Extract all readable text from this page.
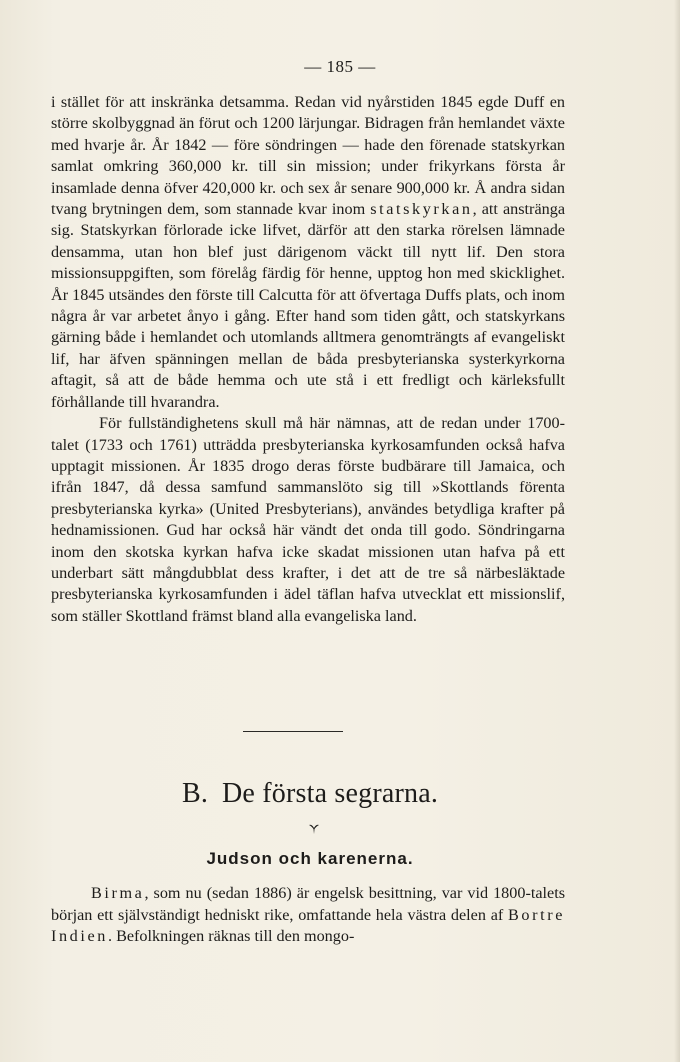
— 185 —

i stället för att inskränka detsamma. Redan vid nyårstiden 1845 egde Duff en större skolbyggnad än förut och 1200 lärjungar. Bidragen från hemlandet växte med hvarje år. År 1842 — före söndringen — hade den förenade statskyrkan samlat omkring 360,000 kr. till sin mission; under frikyrkans första år insamlade denna öfver 420,000 kr. och sex år senare 900,000 kr. Å andra sidan tvang brytningen dem, som stannade kvar inom statskyrkan, att anstränga sig. Statskyrkan förlorade icke lifvet, därför att den starka rörelsen lämnade densamma, utan hon blef just därigenom väckt till nytt lif. Den stora missionsuppgiften, som förelåg färdig för henne, upptog hon med skicklighet. År 1845 utsändes den förste till Calcutta för att öfvertaga Duffs plats, och inom några år var arbetet ånyo i gång. Efter hand som tiden gått, och statskyrkans gärning både i hemlandet och utomlands alltmera genomträngts af evangeliskt lif, har äfven spänningen mellan de båda presbyterianska systerkyrkorna aftagit, så att de både hemma och ute stå i ett fredligt och kärleksfullt förhållande till hvarandra.

För fullständighetens skull må här nämnas, att de redan under 1700-talet (1733 och 1761) utträdda presbyterianska kyrkosamfunden också hafva upptagit missionen. År 1835 drogo deras förste budbärare till Jamaica, och ifrån 1847, då dessa samfund sammanslöto sig till »Skottlands förenta presbyterianska kyrka» (United Presbyterians), användes betydliga krafter på hednamissionen. Gud har också här vändt det onda till godo. Söndringarna inom den skotska kyrkan hafva icke skadat missionen utan hafva på ett underbart sätt mångdubblat dess krafter, i det att de tre så närbesläktade presbyterianska kyrkosamfunden i ädel täflan hafva utvecklat ett missionslif, som ställer Skottland främst bland alla evangeliska land.

B. De första segrarna.
Judson och karenerna.

Birma, som nu (sedan 1886) är engelsk besittning, var vid 1800-talets början ett självständigt hedniskt rike, omfattande hela västra delen af Bortre Indien. Befolkningen räknas till den mongo-
